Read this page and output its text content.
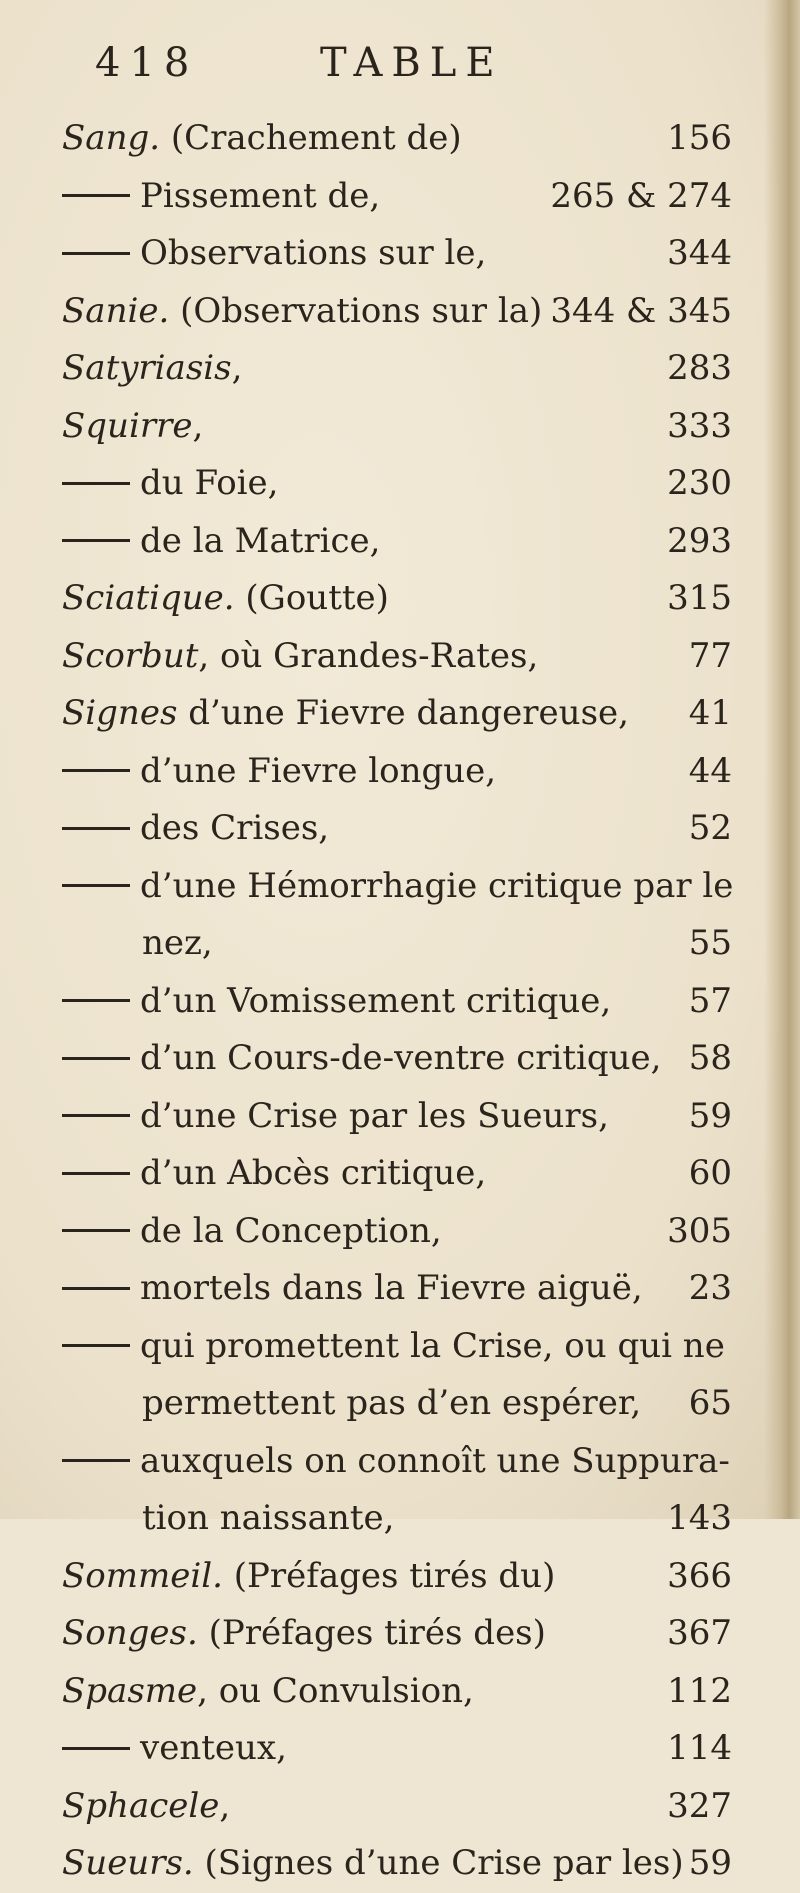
418	TABLE
Sang. (Crachement de)	156
Pissement de,	265 & 274
Observations sur le,	344
Sanie. (Observations sur la) 344 & 345
Satyriasis,	283
Squirre,	333
du Foie,	230
de la Matrice,	293
Sciatique. (Goutte)	315
Scorbut, où Grandes-Rates,	77
Signes d’une Fievre dangereuse, 41
d’une Fievre longue,	44
des Crises,	52
d’une Hémorrhagie critique par le
nez,	55
d’un Vomissement critique, 57
d’un Cours-de-ventre critique, 58
d’une Crise par les Sueurs, 59
d’un Abcès critique,	60
de la Conception,	305
mortels dans la Fievre aiguë, 23
qui promettent la Crise, ou qui ne
permettent pas d’en espérer, 65
auxquels on connoît une Suppura-
tion naissante,	143
Sommeil. (Préfages tirés du)	366
Songes. (Préfages tirés des)	367
Spasme, ou Convulsion,	112
venteux,	114
Sphacele,	327
Sueurs. (Signes d’une Crise par les) 59
